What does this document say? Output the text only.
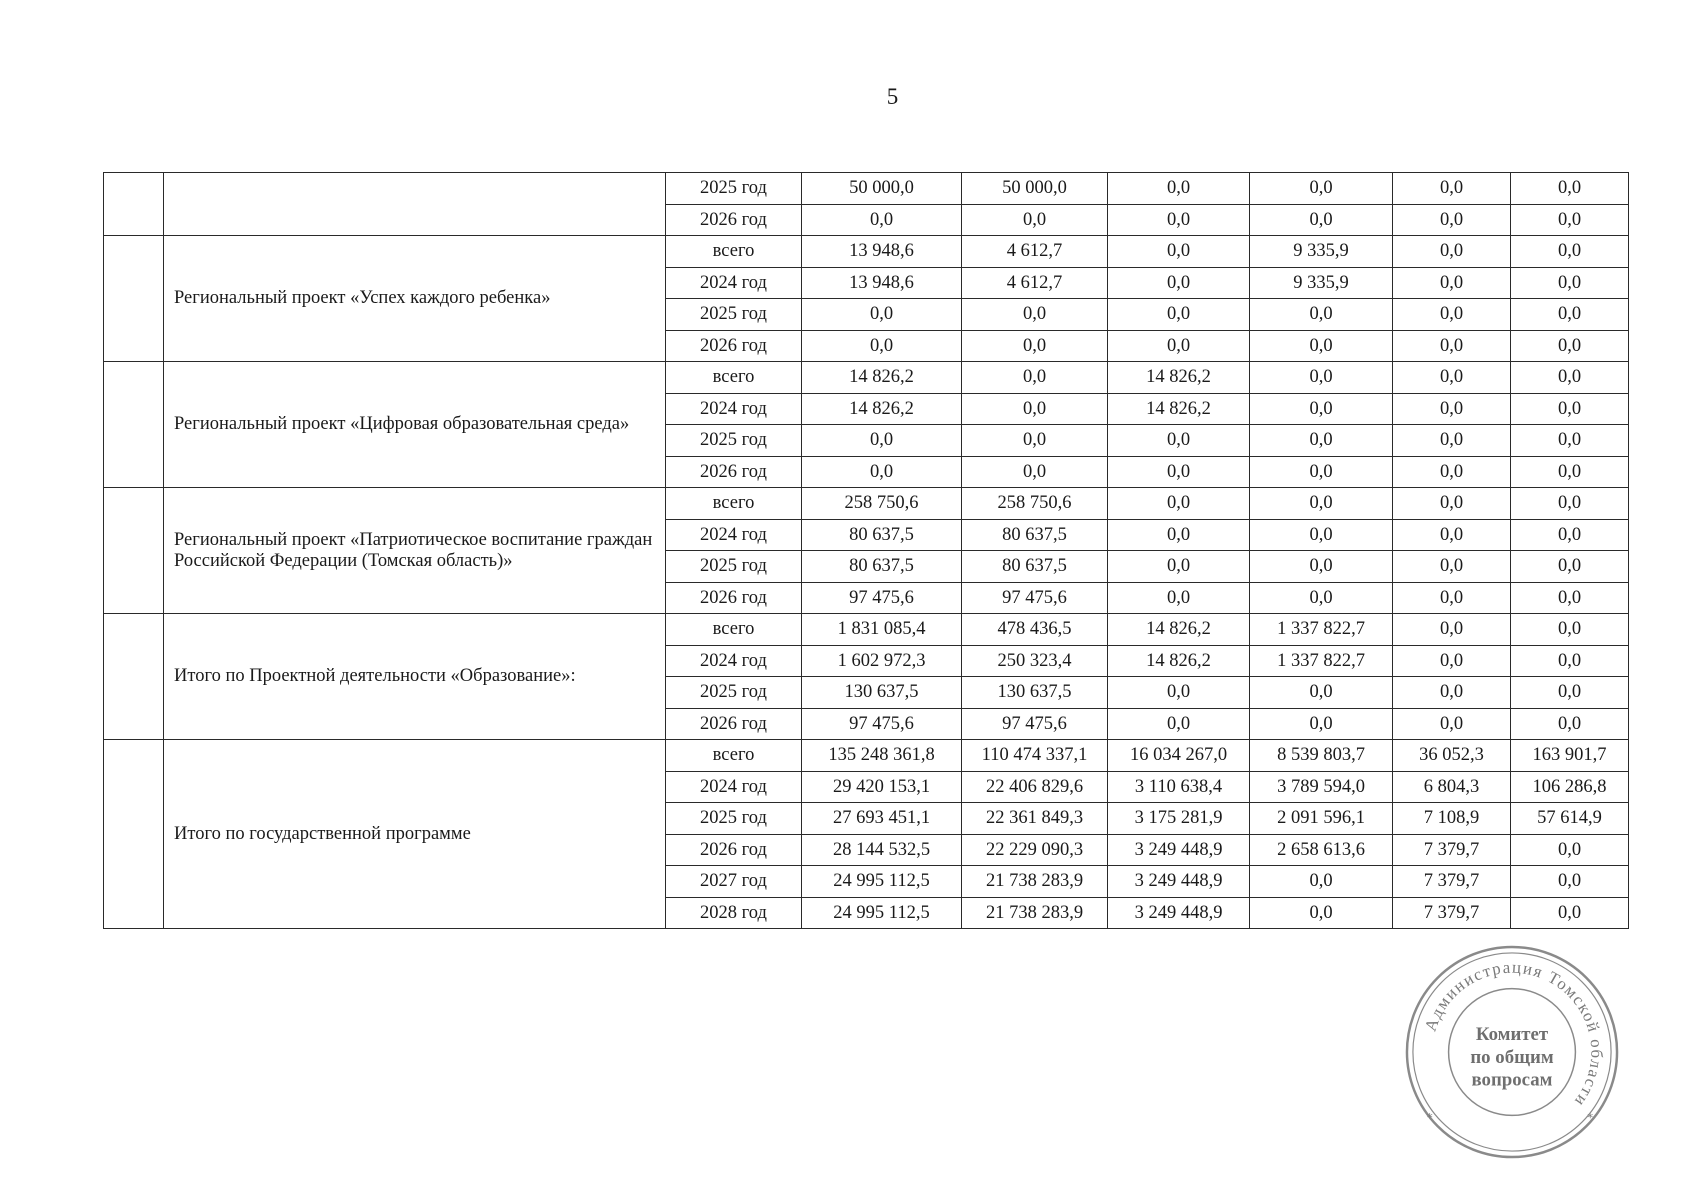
5
		2025 год	50 000,0	50 000,0	0,0	0,0	0,0	0,0
		2026 год	0,0	0,0	0,0	0,0	0,0	0,0
	Региональный проект «Успех каждого ребенка»	всего	13 948,6	4 612,7	0,0	9 335,9	0,0	0,0
		2024 год	13 948,6	4 612,7	0,0	9 335,9	0,0	0,0
		2025 год	0,0	0,0	0,0	0,0	0,0	0,0
		2026 год	0,0	0,0	0,0	0,0	0,0	0,0
	Региональный проект «Цифровая образовательная среда»	всего	14 826,2	0,0	14 826,2	0,0	0,0	0,0
		2024 год	14 826,2	0,0	14 826,2	0,0	0,0	0,0
		2025 год	0,0	0,0	0,0	0,0	0,0	0,0
		2026 год	0,0	0,0	0,0	0,0	0,0	0,0
	Региональный проект «Патриотическое воспитание граждан Российской Федерации (Томская область)»	всего	258 750,6	258 750,6	0,0	0,0	0,0	0,0
		2024 год	80 637,5	80 637,5	0,0	0,0	0,0	0,0
		2025 год	80 637,5	80 637,5	0,0	0,0	0,0	0,0
		2026 год	97 475,6	97 475,6	0,0	0,0	0,0	0,0
	Итого по Проектной деятельности «Образование»:	всего	1 831 085,4	478 436,5	14 826,2	1 337 822,7	0,0	0,0
		2024 год	1 602 972,3	250 323,4	14 826,2	1 337 822,7	0,0	0,0
		2025 год	130 637,5	130 637,5	0,0	0,0	0,0	0,0
		2026 год	97 475,6	97 475,6	0,0	0,0	0,0	0,0
	Итого по государственной программе	всего	135 248 361,8	110 474 337,1	16 034 267,0	8 539 803,7	36 052,3	163 901,7
		2024 год	29 420 153,1	22 406 829,6	3 110 638,4	3 789 594,0	6 804,3	106 286,8
		2025 год	27 693 451,1	22 361 849,3	3 175 281,9	2 091 596,1	7 108,9	57 614,9
		2026 год	28 144 532,5	22 229 090,3	3 249 448,9	2 658 613,6	7 379,7	0,0
		2027 год	24 995 112,5	21 738 283,9	3 249 448,9	0,0	7 379,7	0,0
		2028 год	24 995 112,5	21 738 283,9	3 249 448,9	0,0	7 379,7	0,0
Администрация Томской области
*	*
Комитет
по общим
вопросам
